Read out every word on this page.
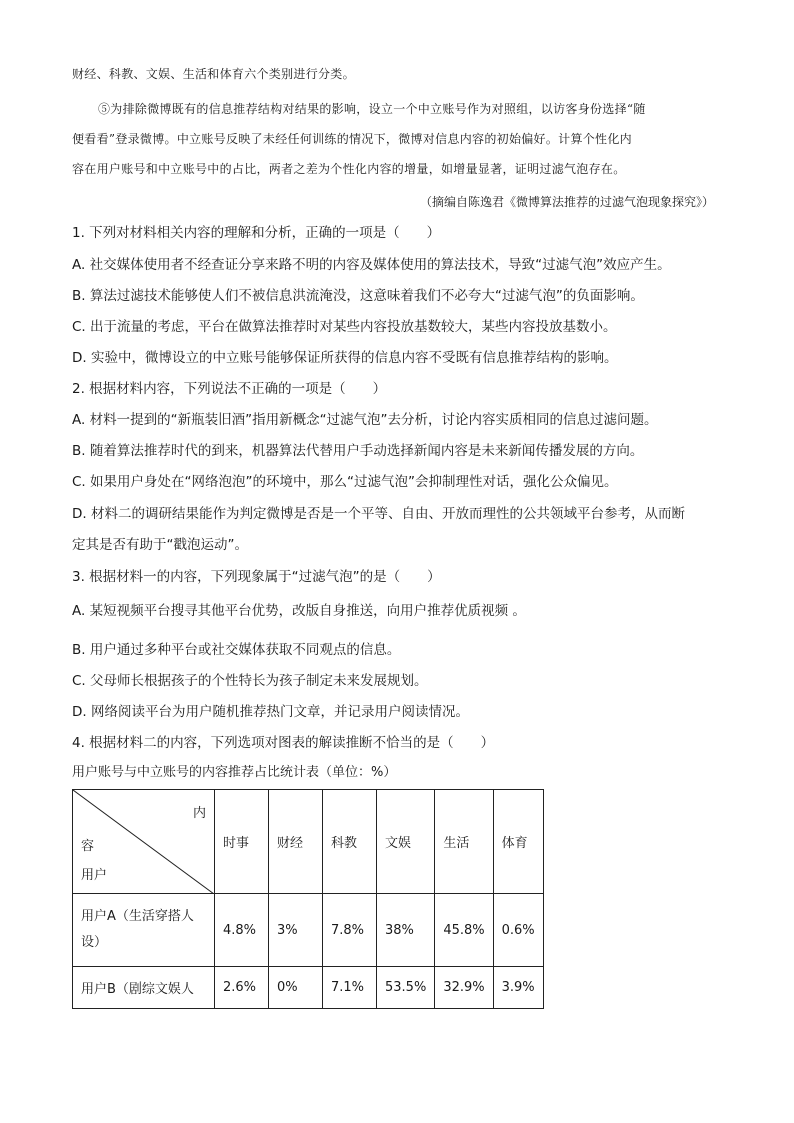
财经、科教、文娱、生活和体育六个类别进行分类。
⑤为排除微博既有的信息推荐结构对结果的影响，设立一个中立账号作为对照组，以访客身份选择“随
便看看”登录微博。中立账号反映了未经任何训练的情况下，微博对信息内容的初始偏好。计算个性化内
容在用户账号和中立账号中的占比，两者之差为个性化内容的增量，如增量显著，证明过滤气泡存在。
（摘编自陈逸君《微博算法推荐的过滤气泡现象探究》）
1. 下列对材料相关内容的理解和分析，正确的一项是（　　）
A. 社交媒体使用者不经查证分享来路不明的内容及媒体使用的算法技术，导致“过滤气泡”效应产生。
B. 算法过滤技术能够使人们不被信息洪流淹没，这意味着我们不必夸大“过滤气泡”的负面影响。
C. 出于流量的考虑，平台在做算法推荐时对某些内容投放基数较大，某些内容投放基数小。
D. 实验中，微博设立的中立账号能够保证所获得的信息内容不受既有信息推荐结构的影响。
2. 根据材料内容，下列说法不正确的一项是（　　）
A. 材料一提到的“新瓶装旧酒”指用新概念“过滤气泡”去分析，讨论内容实质相同的信息过滤问题。
B. 随着算法推荐时代的到来，机器算法代替用户手动选择新闻内容是未来新闻传播发展的方向。
C. 如果用户身处在“网络泡泡”的环境中，那么“过滤气泡”会抑制理性对话，强化公众偏见。
D. 材料二的调研结果能作为判定微博是否是一个平等、自由、开放而理性的公共领域平台参考，从而断
定其是否有助于“戳泡运动”。
3. 根据材料一的内容，下列现象属于“过滤气泡”的是（　　）
A. 某短视频平台搜寻其他平台优势，改版自身推送，向用户推荐优质视频 。
B. 用户通过多种平台或社交媒体获取不同观点的信息。
C. 父母师长根据孩子的个性特长为孩子制定未来发展规划。
D. 网络阅读平台为用户随机推荐热门文章，并记录用户阅读情况。
4. 根据材料二的内容，下列选项对图表的解读推断不恰当的是（　　）
用户账号与中立账号的内容推荐占比统计表（单位：%）
内
容
用户	时事	财经	科教	文娱	生活	体育
用户A（生活穿搭人设）	4.8%	3%	7.8%	38%	45.8%	0.6%
用户B（剧综文娱人	2.6%	0%	7.1%	53.5%	32.9%	3.9%
